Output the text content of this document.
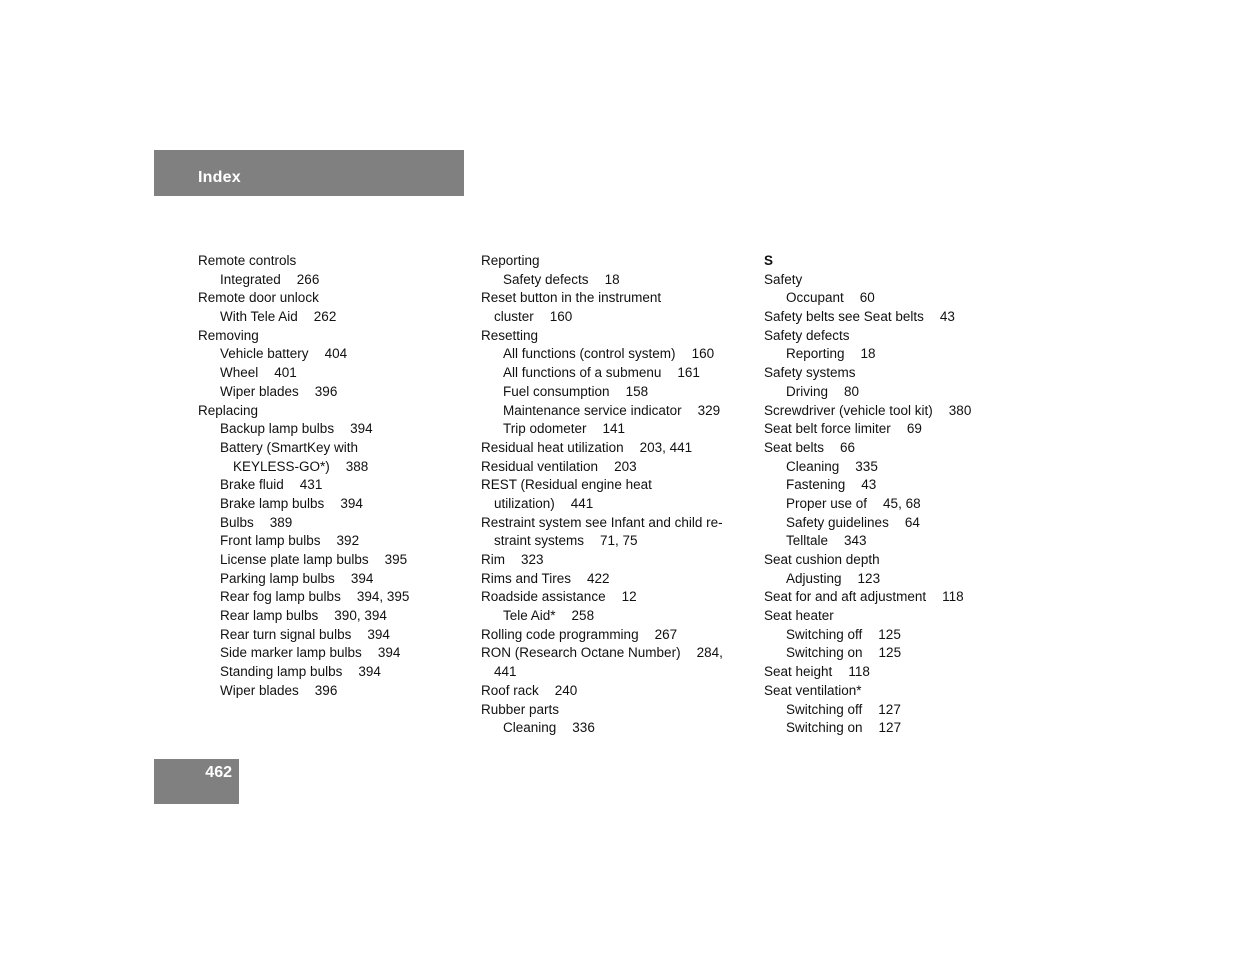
Index
Remote controls
Integrated 266
Remote door unlock
With Tele Aid 262
Removing
Vehicle battery 404
Wheel 401
Wiper blades 396
Replacing
Backup lamp bulbs 394
Battery (SmartKey with
KEYLESS-GO*) 388
Brake fluid 431
Brake lamp bulbs 394
Bulbs 389
Front lamp bulbs 392
License plate lamp bulbs 395
Parking lamp bulbs 394
Rear fog lamp bulbs 394, 395
Rear lamp bulbs 390, 394
Rear turn signal bulbs 394
Side marker lamp bulbs 394
Standing lamp bulbs 394
Wiper blades 396
Reporting
Safety defects 18
Reset button in the instrument
cluster 160
Resetting
All functions (control system) 160
All functions of a submenu 161
Fuel consumption 158
Maintenance service indicator 329
Trip odometer 141
Residual heat utilization 203, 441
Residual ventilation 203
REST (Residual engine heat
utilization) 441
Restraint system see Infant and child re-
straint systems 71, 75
Rim 323
Rims and Tires 422
Roadside assistance 12
Tele Aid* 258
Rolling code programming 267
RON (Research Octane Number) 284,
441
Roof rack 240
Rubber parts
Cleaning 336
S
Safety
Occupant 60
Safety belts see Seat belts 43
Safety defects
Reporting 18
Safety systems
Driving 80
Screwdriver (vehicle tool kit) 380
Seat belt force limiter 69
Seat belts 66
Cleaning 335
Fastening 43
Proper use of 45, 68
Safety guidelines 64
Telltale 343
Seat cushion depth
Adjusting 123
Seat for and aft adjustment 118
Seat heater
Switching off 125
Switching on 125
Seat height 118
Seat ventilation*
Switching off 127
Switching on 127
462
